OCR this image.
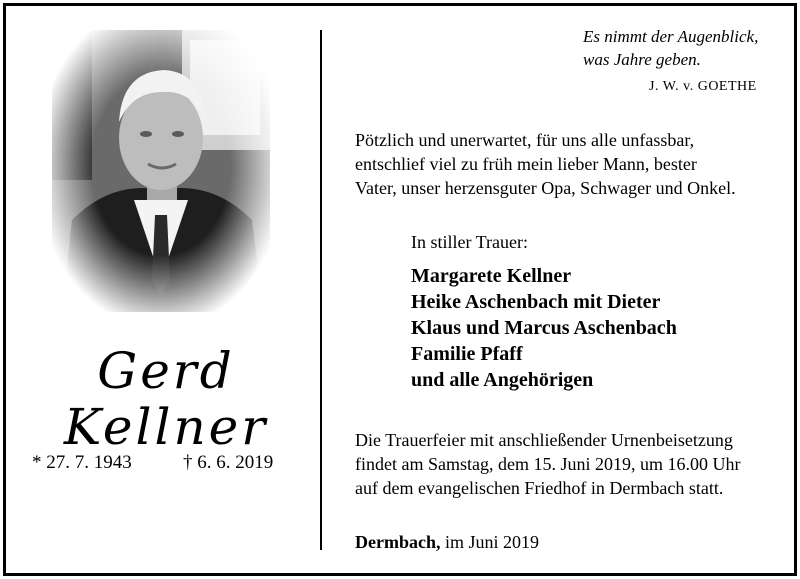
Gerd
Kellner
* 27. 7. 1943	† 6. 6. 2019
Es nimmt der Augenblick,
was Jahre geben.
J. W. v. GOETHE
Pötzlich und unerwartet, für uns alle unfassbar,
entschlief viel zu früh mein lieber Mann, bester
Vater, unser herzensguter Opa, Schwager und Onkel.
In stiller Trauer:
Margarete Kellner
Heike Aschenbach mit Dieter
Klaus und Marcus Aschenbach
Familie Pfaff
und alle Angehörigen
Die Trauerfeier mit anschließender Urnenbeisetzung
findet am Samstag, dem 15. Juni 2019, um 16.00 Uhr
auf dem evangelischen Friedhof in Dermbach statt.
Dermbach, im Juni 2019
